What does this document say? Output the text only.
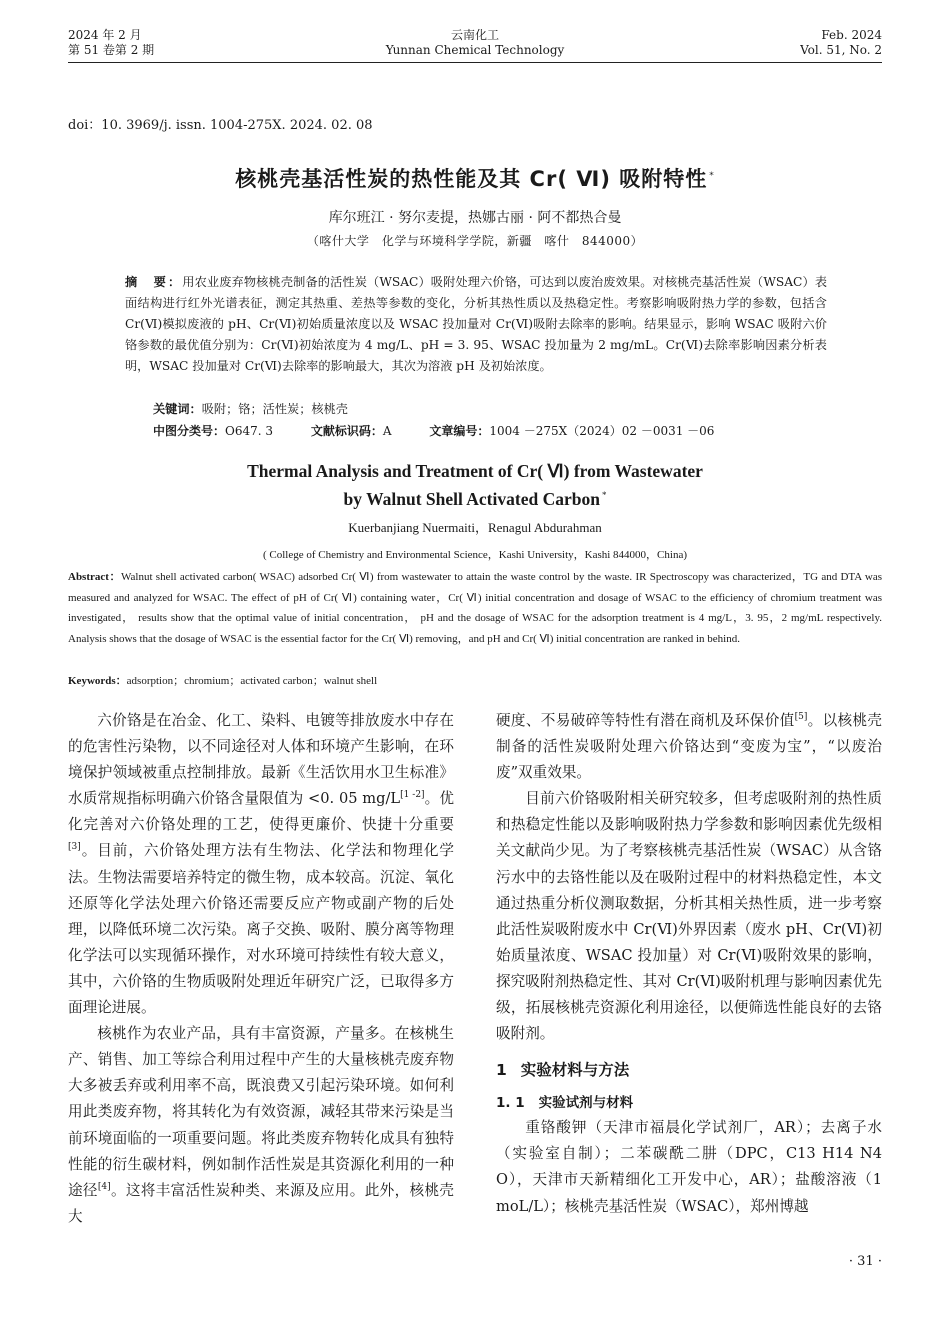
2024 年 2 月
第 51 卷第 2 期
云南化工
Yunnan Chemical Technology
Feb. 2024
Vol. 51, No. 2
doi：10. 3969/j. issn. 1004-275X. 2024. 02. 08
核桃壳基活性炭的热性能及其 Cr( Ⅵ) 吸附特性 *
库尔班江 · 努尔麦提，热娜古丽 · 阿不都热合曼
（喀什大学　化学与环境科学学院，新疆　喀什　844000）
摘　要：用农业废弃物核桃壳制备的活性炭（WSAC）吸附处理六价铬，可达到以废治废效果。对核桃壳基活性炭（WSAC）表面结构进行红外光谱表征，测定其热重、差热等参数的变化，分析其热性质以及热稳定性。考察影响吸附热力学的参数，包括含 Cr(Ⅵ)模拟废液的 pH、Cr(Ⅵ)初始质量浓度以及 WSAC 投加量对 Cr(Ⅵ)吸附去除率的影响。结果显示，影响 WSAC 吸附六价铬参数的最优值分别为：Cr(Ⅵ)初始浓度为 4 mg/L、pH = 3. 95、WSAC 投加量为 2 mg/mL。Cr(Ⅵ)去除率影响因素分析表明，WSAC 投加量对 Cr(Ⅵ)去除率的影响最大，其次为溶液 pH 及初始浓度。
关键词：吸附；铬；活性炭；核桃壳
中图分类号：O647. 3	文献标识码：A	文章编号：1004 －275X（2024）02 －0031 －06
Thermal Analysis and Treatment of Cr( Ⅵ) from Wastewater
by Walnut Shell Activated Carbon *
Kuerbanjiang Nuermaiti，Renagul Abdurahman
( College of Chemistry and Environmental Science，Kashi University，Kashi 844000，China)
Abstract：Walnut shell activated carbon( WSAC) adsorbed Cr( Ⅵ) from wastewater to attain the waste control by the waste. IR Spectroscopy was characterized，TG and DTA was measured and analyzed for WSAC. The effect of pH of Cr( Ⅵ) containing water，Cr( Ⅵ) initial concentration and dosage of WSAC to the efficiency of chromium treatment was investigated， results show that the optimal value of initial concentration， pH and the dosage of WSAC for the adsorption treatment is 4 mg/L，3. 95，2 mg/mL respectively. Analysis shows that the dosage of WSAC is the essential factor for the Cr( Ⅵ) removing，and pH and Cr( Ⅵ) initial concentration are ranked in behind.
Keywords：adsorption；chromium；activated carbon；walnut shell

六价铬是在冶金、化工、染料、电镀等排放废水中存在的危害性污染物，以不同途径对人体和环境产生影响，在环境保护领域被重点控制排放。最新《生活饮用水卫生标准》水质常规指标明确六价铬含量限值为 <0. 05 mg/L[1 -2]。优化完善对六价铬处理的工艺，使得更廉价、快捷十分重要[3]。目前，六价铬处理方法有生物法、化学法和物理化学法。生物法需要培养特定的微生物，成本较高。沉淀、氧化还原等化学法处理六价铬还需要反应产物或副产物的后处理，以降低环境二次污染。离子交换、吸附、膜分离等物理化学法可以实现循环操作，对水环境可持续性有较大意义，其中，六价铬的生物质吸附处理近年研究广泛，已取得多方面理论进展。

核桃作为农业产品，具有丰富资源，产量多。在核桃生产、销售、加工等综合利用过程中产生的大量核桃壳废弃物大多被丢弃或利用率不高，既浪费又引起污染环境。如何利用此类废弃物，将其转化为有效资源，减轻其带来污染是当前环境面临的一项重要问题。将此类废弃物转化成具有独特性能的衍生碳材料，例如制作活性炭是其资源化利用的一种途径[4]。这将丰富活性炭种类、来源及应用。此外，核桃壳大

硬度、不易破碎等特性有潜在商机及环保价值[5]。以核桃壳制备的活性炭吸附处理六价铬达到“变废为宝”，“以废治废”双重效果。

目前六价铬吸附相关研究较多，但考虑吸附剂的热性质和热稳定性能以及影响吸附热力学参数和影响因素优先级相关文献尚少见。为了考察核桃壳基活性炭（WSAC）从含铬污水中的去铬性能以及在吸附过程中的材料热稳定性，本文通过热重分析仪测取数据，分析其相关热性质，进一步考察此活性炭吸附废水中 Cr(Ⅵ)外界因素（废水 pH、Cr(Ⅵ)初始质量浓度、WSAC 投加量）对 Cr(Ⅵ)吸附效果的影响，探究吸附剂热稳定性、其对 Cr(Ⅵ)吸附机理与影响因素优先级，拓展核桃壳资源化利用途径，以便筛选性能良好的去铬吸附剂。

1 实验材料与方法
1. 1 实验试剂与材料

重铬酸钾（天津市福晨化学试剂厂，AR）；去离子水（实验室自制）；二苯碳酰二肼（DPC，C13 H14 N4 O），天津市天新精细化工开发中心，AR）；盐酸溶液（1 moL/L）；核桃壳基活性炭（WSAC），郑州博越

· 31 ·
